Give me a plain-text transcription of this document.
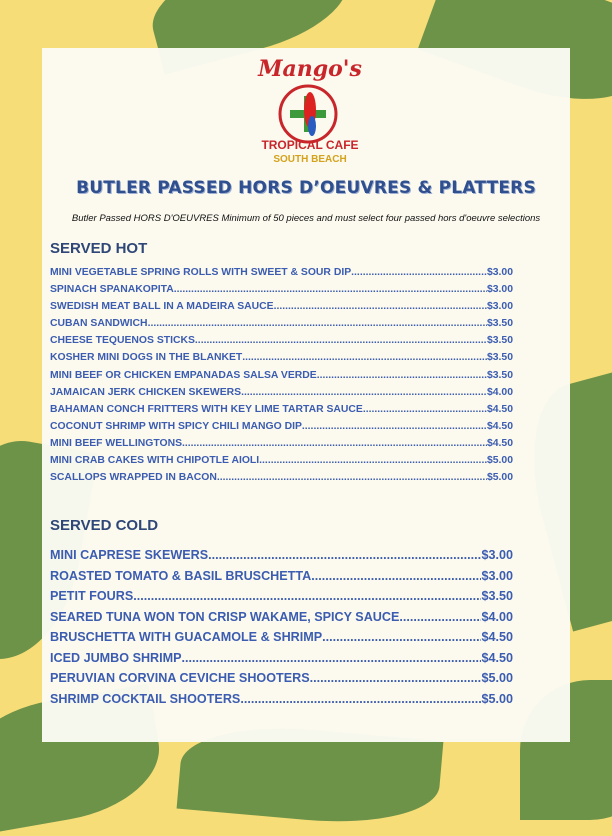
Mango's
TROPICAL CAFE
SOUTH BEACH
BUTLER PASSED HORS D’OEUVRES & PLATTERS
Butler Passed HORS D'OEUVRES Minimum of 50 pieces and must select four passed hors d'oeuvre selections
SERVED HOT
MINI VEGETABLE SPRING ROLLS WITH SWEET & SOUR DIP .....	$3.00
SPINACH SPANAKOPITA .....	$3.00
SWEDISH MEAT BALL IN A MADEIRA SAUCE .....	$3.00
CUBAN SANDWICH .....	$3.50
CHEESE TEQUENOS STICKS .....	$3.50
KOSHER MINI DOGS IN THE BLANKET .....	$3.50
MINI BEEF OR CHICKEN EMPANADAS SALSA VERDE .....	$3.50
JAMAICAN JERK CHICKEN SKEWERS .....	$4.00
BAHAMAN CONCH FRITTERS WITH KEY LIME TARTAR SAUCE .....	$4.50
COCONUT SHRIMP WITH SPICY CHILI MANGO DIP .....	$4.50
MINI BEEF WELLINGTONS .....	$4.50
MINI CRAB CAKES WITH CHIPOTLE AIOLI .....	$5.00
SCALLOPS WRAPPED IN BACON .....	$5.00
SERVED COLD
MINI CAPRESE SKEWERS .....	$3.00
ROASTED TOMATO & BASIL BRUSCHETTA .....	$3.00
PETIT FOURS .....	$3.50
SEARED TUNA WON TON CRISP WAKAME, SPICY SAUCE .....	$4.00
BRUSCHETTA WITH GUACAMOLE & SHRIMP .....	$4.50
ICED JUMBO SHRIMP .....	$4.50
PERUVIAN CORVINA CEVICHE SHOOTERS .....	$5.00
SHRIMP COCKTAIL SHOOTERS .....	$5.00
